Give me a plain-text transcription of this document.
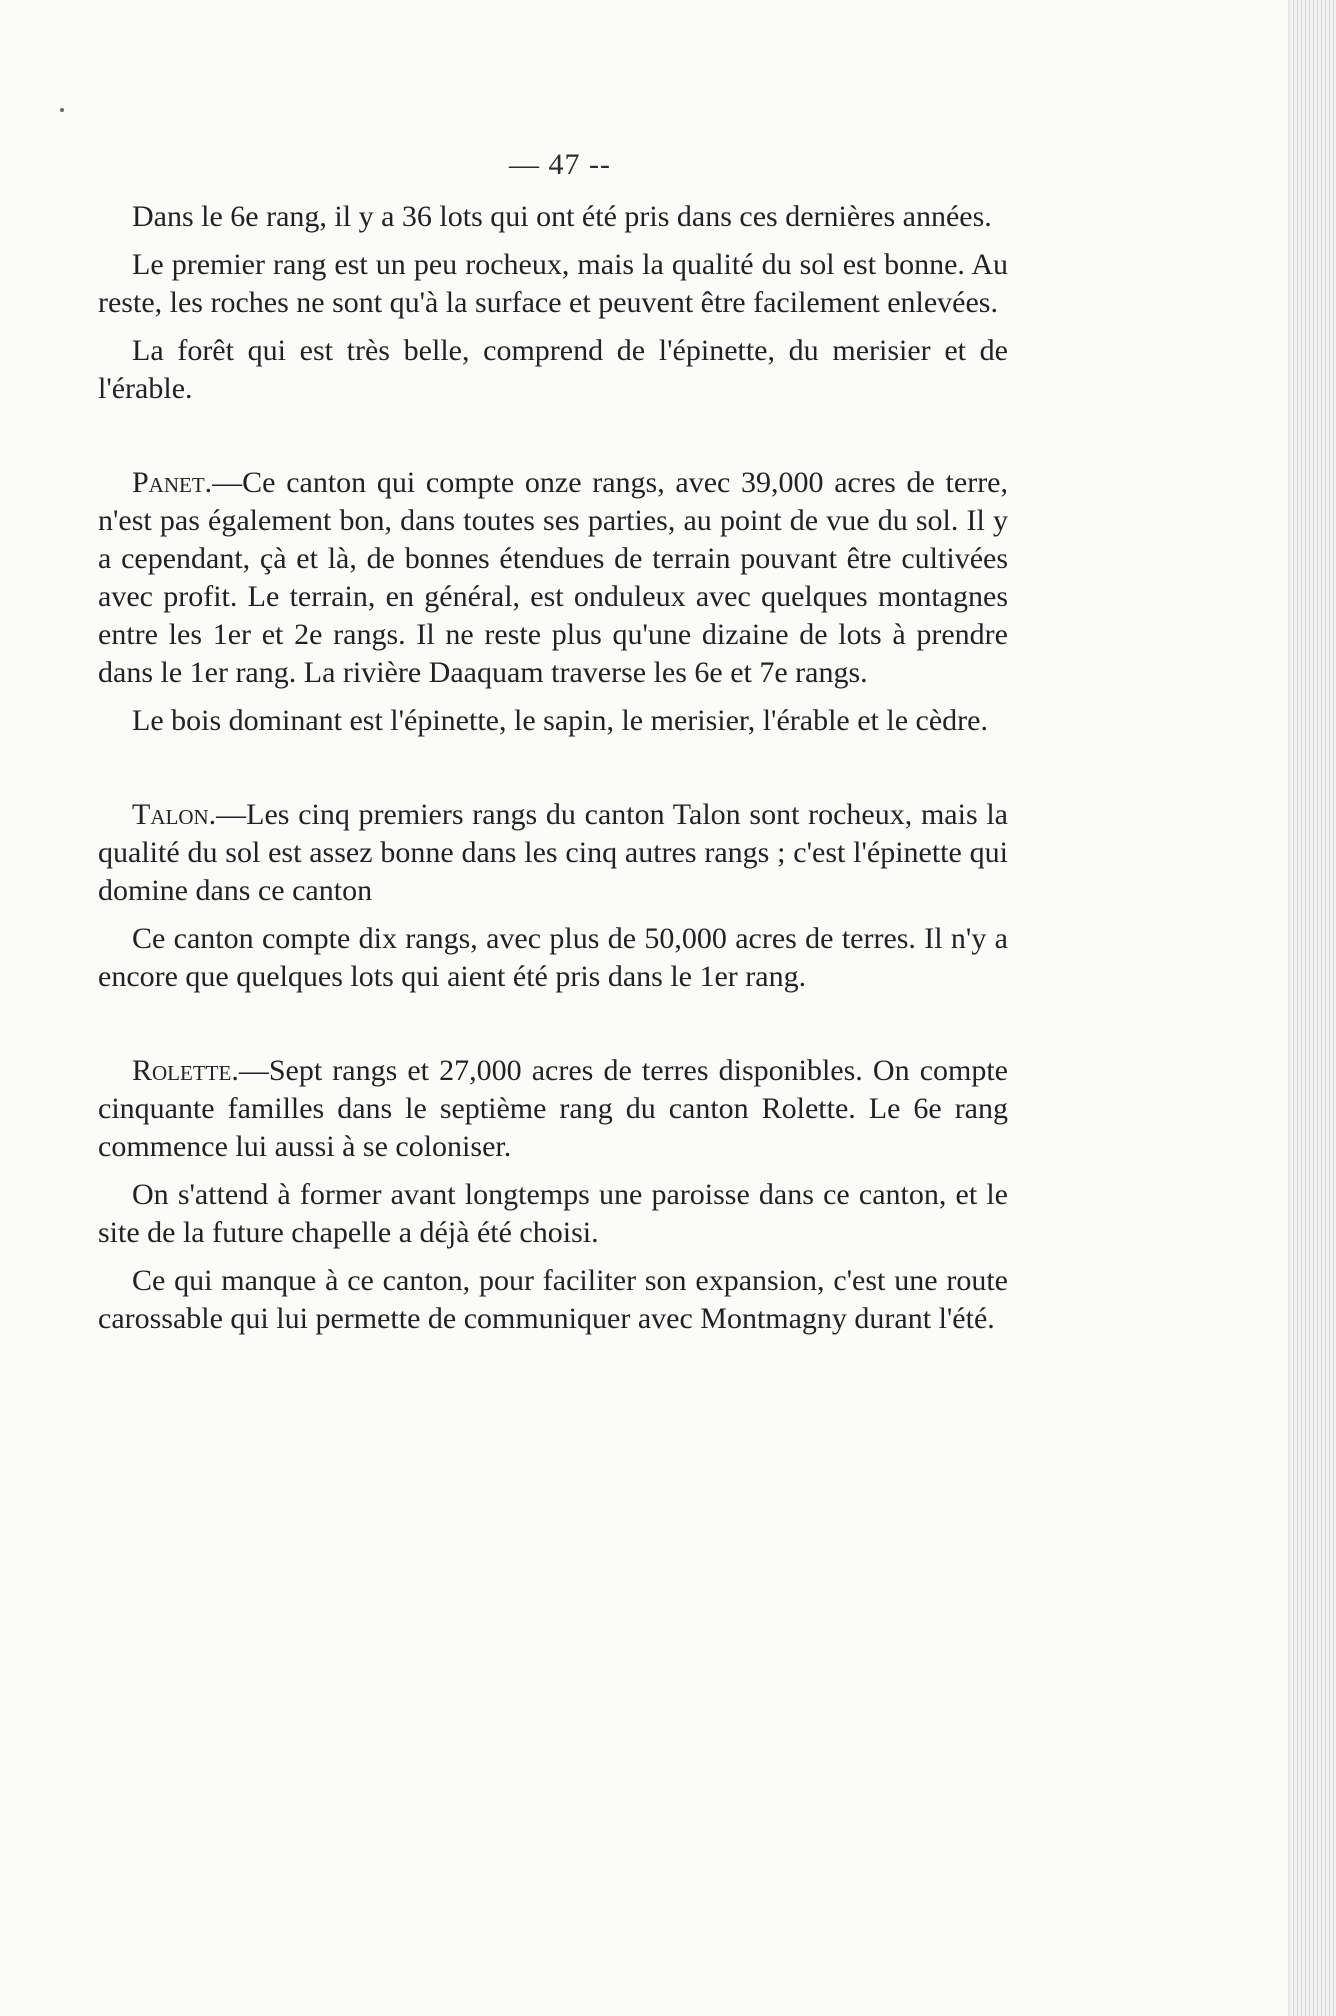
— 47 --

Dans le 6e rang, il y a 36 lots qui ont été pris dans ces dernières années.

Le premier rang est un peu rocheux, mais la qualité du sol est bonne. Au reste, les roches ne sont qu'à la surface et peuvent être facilement enlevées.

La forêt qui est très belle, comprend de l'épinette, du merisier et de l'érable.

Panet.—Ce canton qui compte onze rangs, avec 39,000 acres de terre, n'est pas également bon, dans toutes ses parties, au point de vue du sol. Il y a cependant, çà et là, de bonnes étendues de terrain pouvant être cultivées avec profit. Le terrain, en général, est onduleux avec quelques montagnes entre les 1er et 2e rangs. Il ne reste plus qu'une dizaine de lots à prendre dans le 1er rang. La rivière Daaquam traverse les 6e et 7e rangs.

Le bois dominant est l'épinette, le sapin, le merisier, l'érable et le cèdre.

Talon.—Les cinq premiers rangs du canton Talon sont rocheux, mais la qualité du sol est assez bonne dans les cinq autres rangs ; c'est l'épinette qui domine dans ce canton

Ce canton compte dix rangs, avec plus de 50,000 acres de terres. Il n'y a encore que quelques lots qui aient été pris dans le 1er rang.

Rolette.—Sept rangs et 27,000 acres de terres disponibles. On compte cinquante familles dans le septième rang du canton Rolette. Le 6e rang commence lui aussi à se coloniser.

On s'attend à former avant longtemps une paroisse dans ce canton, et le site de la future chapelle a déjà été choisi.

Ce qui manque à ce canton, pour faciliter son expansion, c'est une route carossable qui lui permette de communiquer avec Montmagny durant l'été.
